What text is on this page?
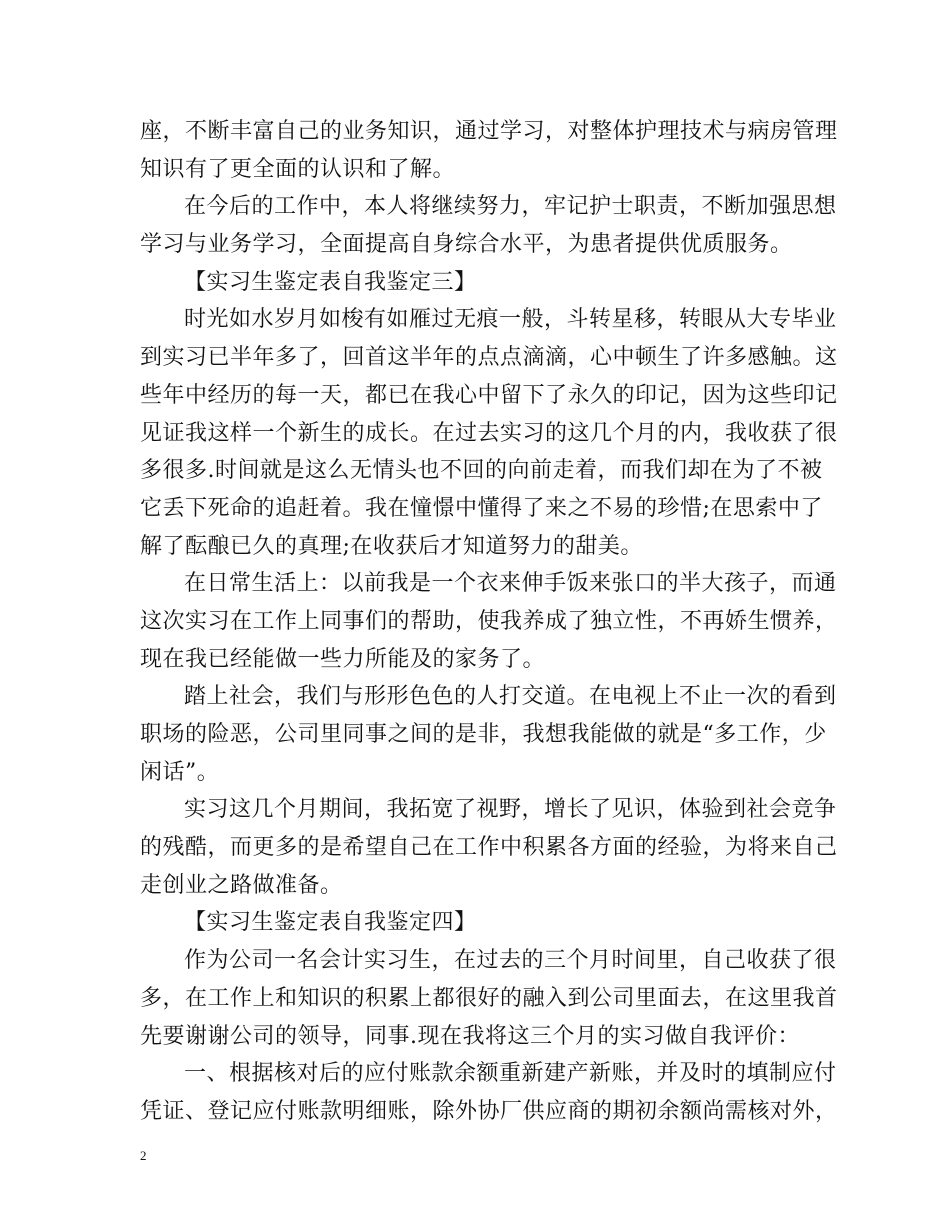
座，不断丰富自己的业务知识，通过学习，对整体护理技术与病房管理
知识有了更全面的认识和了解。
在今后的工作中，本人将继续努力，牢记护士职责，不断加强思想
学习与业务学习，全面提高自身综合水平，为患者提供优质服务。
【实习生鉴定表自我鉴定三】
时光如水岁月如梭有如雁过无痕一般，斗转星移，转眼从大专毕业
到实习已半年多了，回首这半年的点点滴滴，心中顿生了许多感触。这
些年中经历的每一天，都已在我心中留下了永久的印记，因为这些印记
见证我这样一个新生的成长。在过去实习的这几个月的内，我收获了很
多很多.时间就是这么无情头也不回的向前走着，而我们却在为了不被
它丢下死命的追赶着。我在憧憬中懂得了来之不易的珍惜;在思索中了
解了酝酿已久的真理;在收获后才知道努力的甜美。
在日常生活上：以前我是一个衣来伸手饭来张口的半大孩子，而通
这次实习在工作上同事们的帮助，使我养成了独立性，不再娇生惯养，
现在我已经能做一些力所能及的家务了。
踏上社会，我们与形形色色的人打交道。在电视上不止一次的看到
职场的险恶，公司里同事之间的是非，我想我能做的就是“多工作，少
闲话”。
实习这几个月期间，我拓宽了视野，增长了见识，体验到社会竞争
的残酷，而更多的是希望自己在工作中积累各方面的经验，为将来自己
走创业之路做准备。
【实习生鉴定表自我鉴定四】
作为公司一名会计实习生，在过去的三个月时间里，自己收获了很
多，在工作上和知识的积累上都很好的融入到公司里面去，在这里我首
先要谢谢公司的领导，同事.现在我将这三个月的实习做自我评价：
一、根据核对后的应付账款余额重新建产新账，并及时的填制应付
凭证、登记应付账款明细账，除外协厂供应商的期初余额尚需核对外，
2
